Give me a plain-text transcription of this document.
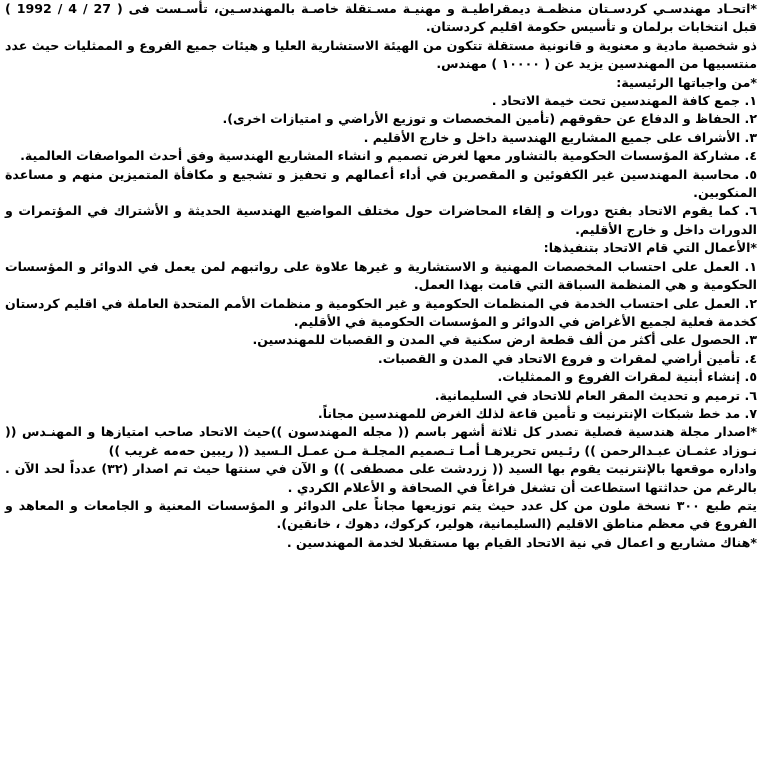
*اتحـاد مهندسـي كردسـتان منظمـة ديمقراطيـة و مهنيـة مسـتقلة خاصـة بالمهندسـين، تأسـست فى ( 27 / 4 / 1992 ) قبل انتخابات برلمان و تأسيس حكومة اقليم كردستان.

ذو شخصية مادية و معنوية و قانونية مستقلة تتكون من الهيئة الاستشارية العليا و هيئات جميع الفروع و الممثليات حيث عدد منتسبيها من المهندسين يزيد عن ( ١٠٠٠٠ ) مهندس.

*من واجباتها الرئيسية:

١. جمع كافة المهندسين تحت خيمة الاتحاد .

٢. الحفاظ و الدفاع عن حقوقهم (تأمين المخصصات و توزيع الأراضي و امتيازات اخرى).

٣. الأشراف على جميع المشاريع الهندسية داخل و خارج الأقليم .

٤. مشاركة المؤسسات الحكومية بالتشاور معها لغرض تصميم و انشاء المشاريع الهندسية وفق أحدث المواصفات العالمية.

٥. محاسبة المهندسين غير الكفوئين و المقصرين في أداء أعمالهم و تحفيز و تشجيع و مكافأة المتميزين منهم و مساعدة المنكوبين.

٦. كما يقوم الاتحاد بفتح دورات و إلقاء المحاضرات حول مختلف المواضيع الهندسية الحديثة و الأشتراك في المؤتمرات و الدورات داخل و خارج الأقليم.

*الأعمال التي قام الاتحاد بتنفيذها:

١. العمل على احتساب المخصصات المهنية و الاستشارية و غيرها علاوة على رواتبهم لمن يعمل في الدوائر و المؤسسات الحكومية و هي المنظمة السباقة التي قامت بهذا العمل.

٢. العمل على احتساب الخدمة في المنظمات الحكومية و غير الحكومية و منظمات الأمم المتحدة العاملة في اقليم كردستان كخدمة فعلية لجميع الأغراض في الدوائر و المؤسسات الحكومية في الأقليم.

٣. الحصول على أكثر من ألف قطعة ارض سكنية في المدن و القصبات للمهندسين.

٤. تأمين أراضي لمقرات و فروع الاتحاد في المدن و القصبات.

٥. إنشاء أبنية لمقرات الفروع و الممثليات.

٦. ترميم و تحديث المقر العام للاتحاد في السليمانية.

٧. مد خط شبكات الإنترنيت و تأمين قاعة لذلك الغرض للمهندسين مجاناً.

*اصدار مجلة هندسية فصلية تصدر كل ثلاثة أشهر باسم (( مجله المهندسون ))حيث الاتحاد صاحب امتيازها و المهنـدس (( نـوزاد عثمـان عبـدالرحمن )) رئـيس تحريرهـا أمـا تـصميم المجلـة مـن عمـل الـسيد (( ريبين حەمە غريب ))

واداره موقعها بالإنترنيت يقوم بها السيد (( زردشت على مصطفى )) و الآن في سنتها حيث تم اصدار (٣٢) عدداً لحد الآن . بالرغم من حداثتها استطاعت أن تشغل فراغاً في الصحافة و الأعلام الكردي .

يتم طبع ٣٠٠ نسخة ملون من كل عدد حيث يتم توزيعها مجاناً على الدوائر و المؤسسات المعنية و الجامعات و المعاهد و الفروع في معظم مناطق الاقليم (السليمانية، هولير، كركوك، دهوك ، خانقين).

*هناك مشاريع و اعمال في نية الاتحاد القيام بها مستقبلا لخدمة المهندسين .
